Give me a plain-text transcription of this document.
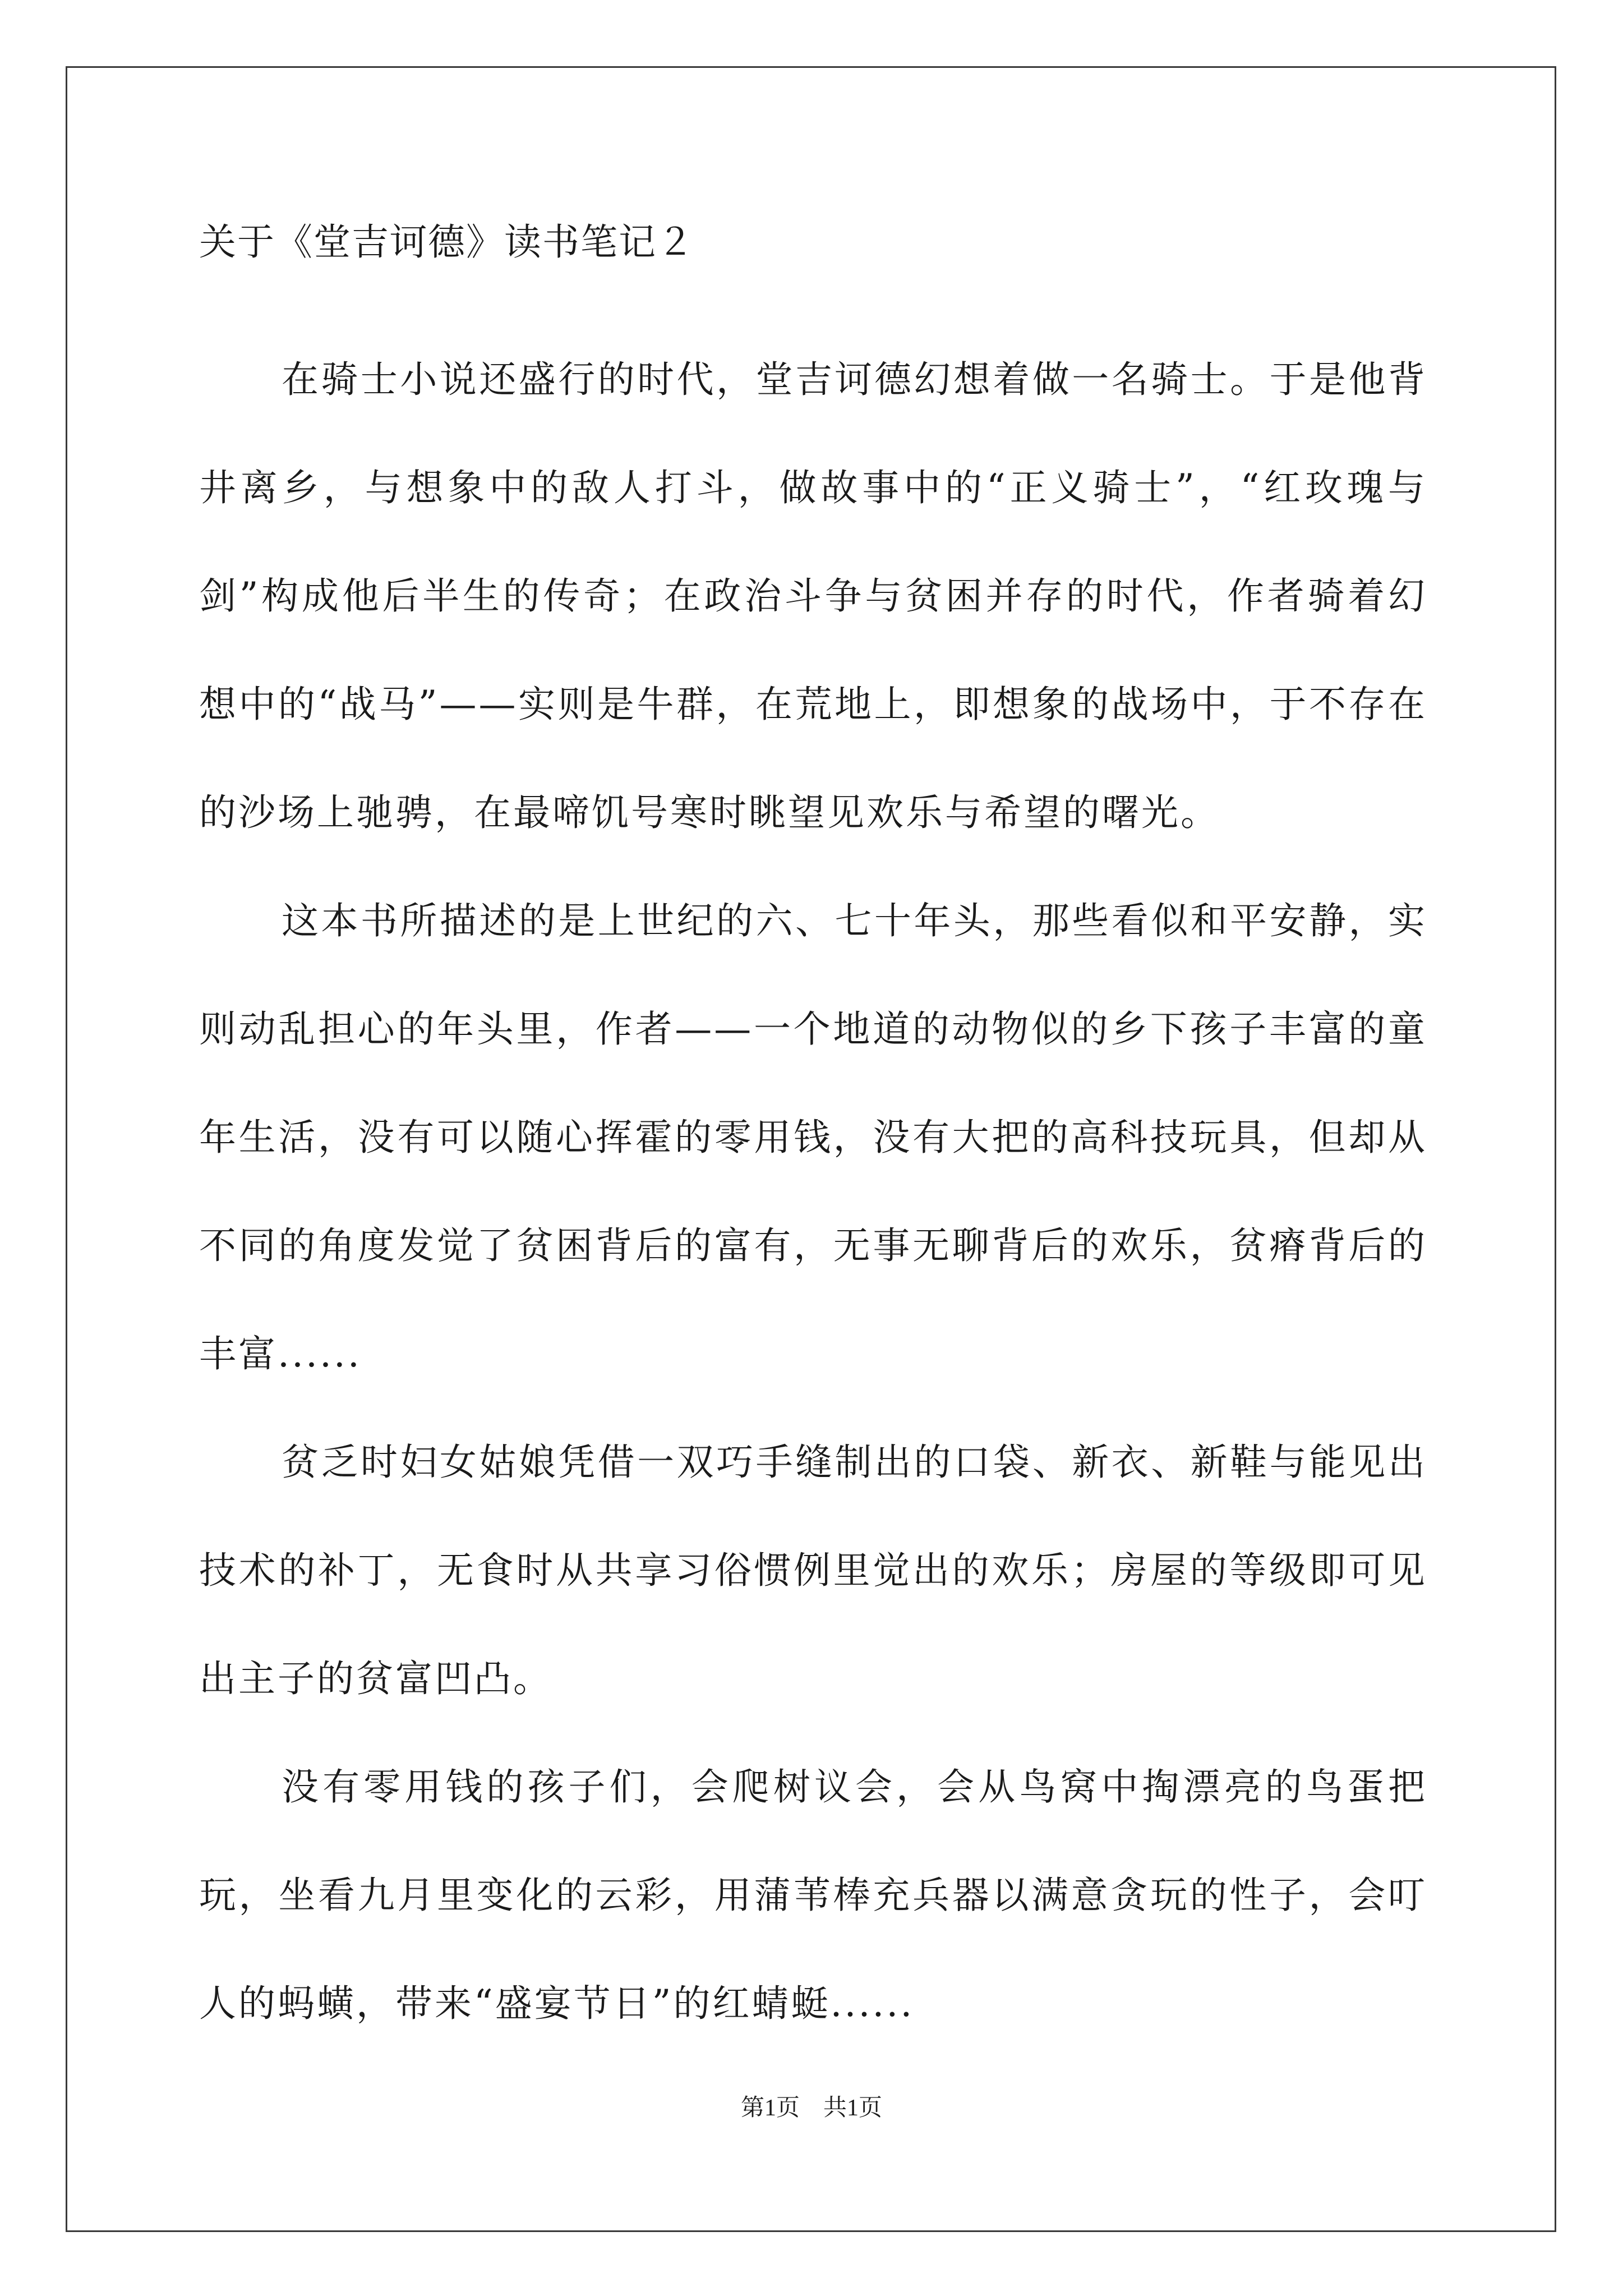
关于《堂吉诃德》读书笔记２

在骑士小说还盛行的时代，堂吉诃德幻想着做一名骑士。于是他背井离乡，与想象中的敌人打斗，做故事中的“正义骑士”，“红玫瑰与剑”构成他后半生的传奇；在政治斗争与贫困并存的时代，作者骑着幻想中的“战马”——实则是牛群，在荒地上，即想象的战场中，于不存在的沙场上驰骋，在最啼饥号寒时眺望见欢乐与希望的曙光。

这本书所描述的是上世纪的六、七十年头，那些看似和平安静，实则动乱担心的年头里，作者——一个地道的动物似的乡下孩子丰富的童年生活，没有可以随心挥霍的零用钱，没有大把的高科技玩具，但却从不同的角度发觉了贫困背后的富有，无事无聊背后的欢乐，贫瘠背后的丰富......

贫乏时妇女姑娘凭借一双巧手缝制出的口袋、新衣、新鞋与能见出技术的补丁，无食时从共享习俗惯例里觉出的欢乐；房屋的等级即可见出主子的贫富凹凸。

没有零用钱的孩子们，会爬树议会，会从鸟窝中掏漂亮的鸟蛋把玩，坐看九月里变化的云彩，用蒲苇棒充兵器以满意贪玩的性子，会叮人的蚂蟥，带来“盛宴节日”的红蜻蜓......

第1页　共1页
